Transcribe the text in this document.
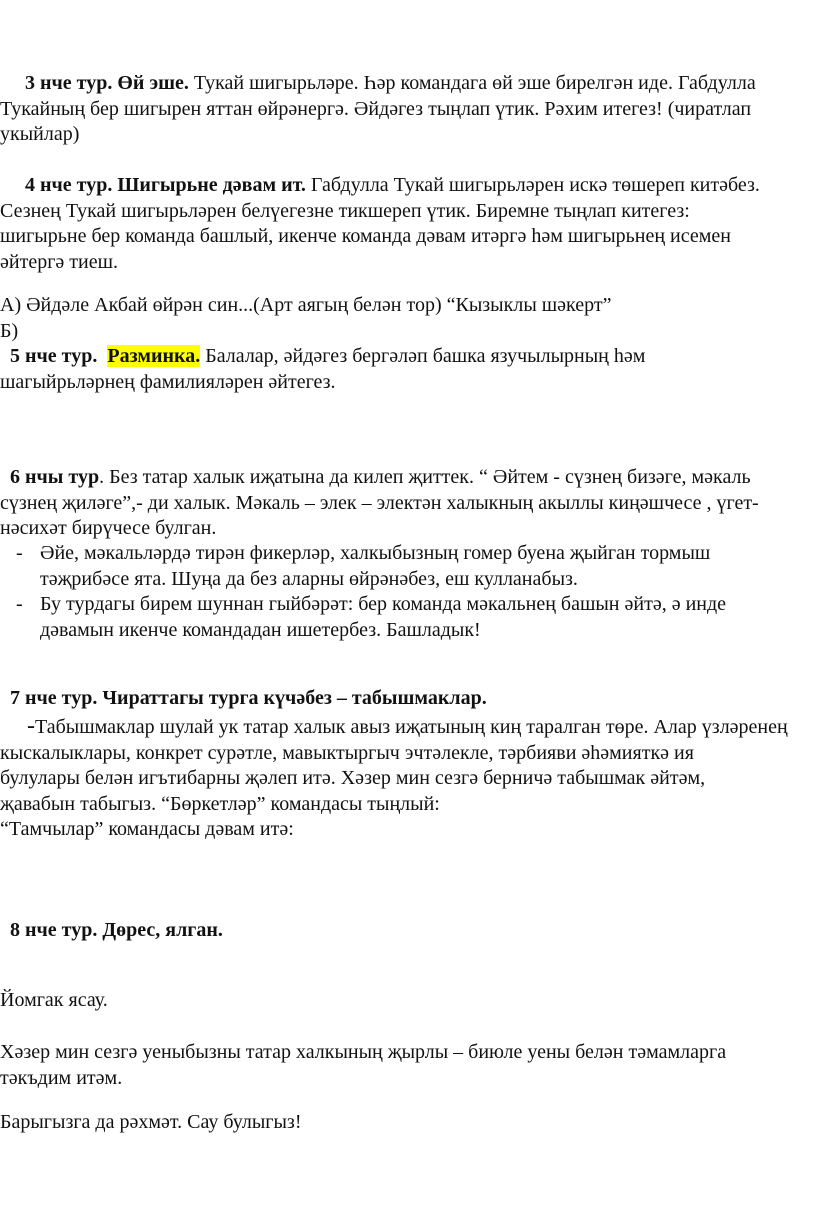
3 нче тур. Өй эше. Тукай шигырьләре. Һәр командага өй эше бирелгән иде. Габдулла
Тукайның бер шигырен яттан өйрәнергә. Әйдәгез тыңлап үтик. Рәхим итегез! (чиратлап
укыйлар)
4 нче тур. Шигырьне дәвам ит. Габдулла Тукай шигырьләрен искә төшереп китәбез.
Сезнең Тукай шигырьләрен белүегезне тикшереп үтик. Биремне тыңлап китегез:
шигырьне бер команда башлый, икенче команда дәвам итәргә һәм шигырьнең исемен
әйтергә тиеш.
А) Әйдәле Акбай өйрән син...(Арт аягың белән тор) “Кызыклы шәкерт”
Б)
5 нче тур. Разминка. Балалар, әйдәгез бергәләп башка язучылырның һәм
шагыйрьләрнең фамилияләрен әйтегез.
6 нчы тур. Без татар халык иҗатына да килеп җиттек. “ Әйтем - сүзнең бизәге, мәкаль
сүзнең җиләге”,- ди халык. Мәкаль – элек – электән халыкның акыллы киңәшчесе , үгет-
нәсихәт бирүчесе булган.
- Әйе, мәкальләрдә тирән фикерләр, халкыбызның гомер буена җыйган тормыш
тәҗрибәсе ята. Шуңа да без аларны өйрәнәбез, еш кулланабыз.
- Бу турдагы бирем шуннан гыйбәрәт: бер команда мәкальнең башын әйтә, ә инде
дәвамын икенче командадан ишетербез. Башладык!
7 нче тур. Чираттагы турга күчәбез – табышмаклар.
-Табышмаклар шулай ук татар халык авыз иҗатының киң таралган төре. Алар үзләренең
кыскалыклары, конкрет сурәтле, мавыктыргыч эчтәлекле, тәрбияви әһәмияткә ия
булулары белән игътибарны җәлеп итә. Хәзер мин сезгә берничә табышмак әйтәм,
җавабын табыгыз. “Бөркетләр” командасы тыңлый:
“Тамчылар” командасы дәвам итә:
8 нче тур. Дөрес, ялган.
Йомгак ясау.
Хәзер мин сезгә уеныбызны татар халкының җырлы – биюле уены белән тәмамларга
тәкъдим итәм.
Барыгызга да рәхмәт. Сау булыгыз!
